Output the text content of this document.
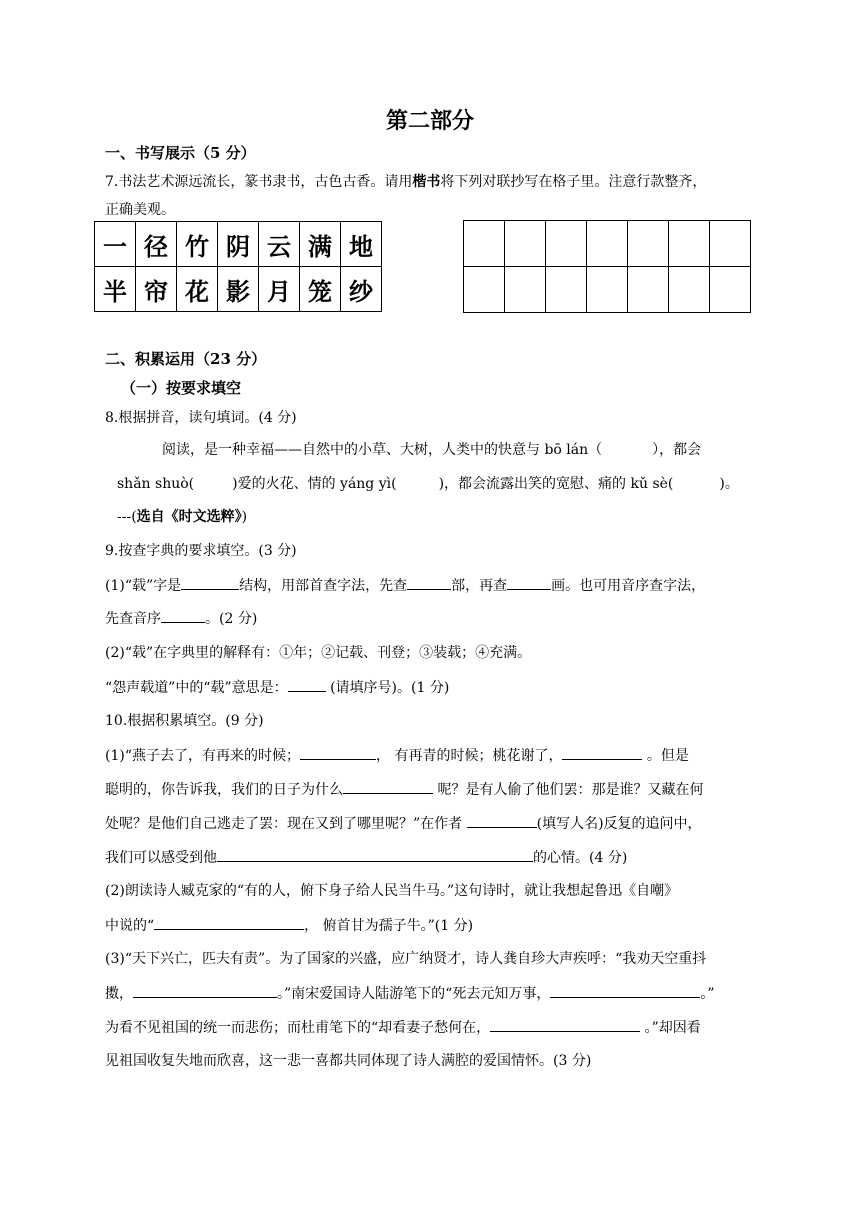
第二部分
一、书写展示（5 分）
7.书法艺术源远流长，篆书隶书，古色古香。请用楷书将下列对联抄写在格子里。注意行款整齐，
正确美观。
一	径	竹	阴	云	满	地
半	帘	花	影	月	笼	纱

二、积累运用（23 分）
（一）按要求填空
8.根据拼音，读句填词。(4 分)
阅读，是一种幸福——自然中的小草、大树，人类中的快意与 bō lán（	），都会
shǎn shuò(	)爱的火花、情的 yáng yì(	)，都会流露出笑的宽慰、痛的 kǔ sè(	)。
---(选自《时文选粹》)
9.按查字典的要求填空。(3 分)
(1)“载”字是	结构，用部首查字法，先查	部，再查	画。也可用音序查字法，
先查音序	。(2 分)
(2)“载”在字典里的解释有：①年；②记载、刊登；③装载；④充满。
“怨声载道”中的“载”意思是：	(请填序号)。(1 分)
10.根据积累填空。(9 分)
(1)“燕子去了，有再来的时候；	， 有再青的时候；桃花谢了，	。但是
聪明的，你告诉我，我们的日子为什么	呢？是有人偷了他们罢：那是谁？又藏在何
处呢？是他们自己逃走了罢：现在又到了哪里呢？”在作者	(填写人名)反复的追问中，
我们可以感受到他	的心情。(4 分)
(2)朗读诗人臧克家的“有的人，俯下身子给人民当牛马。”这句诗时，就让我想起鲁迅《自嘲》
中说的“	， 俯首甘为孺子牛。”(1 分)
(3)“天下兴亡，匹夫有责”。为了国家的兴盛，应广纳贤才，诗人龚自珍大声疾呼：“我劝天空重抖
擞，	。”南宋爱国诗人陆游笔下的“死去元知万事，	。”
为看不见祖国的统一而悲伤；而杜甫笔下的“却看妻子愁何在，	。”却因看
见祖国收复失地而欣喜，这一悲一喜都共同体现了诗人满腔的爱国情怀。(3 分)
